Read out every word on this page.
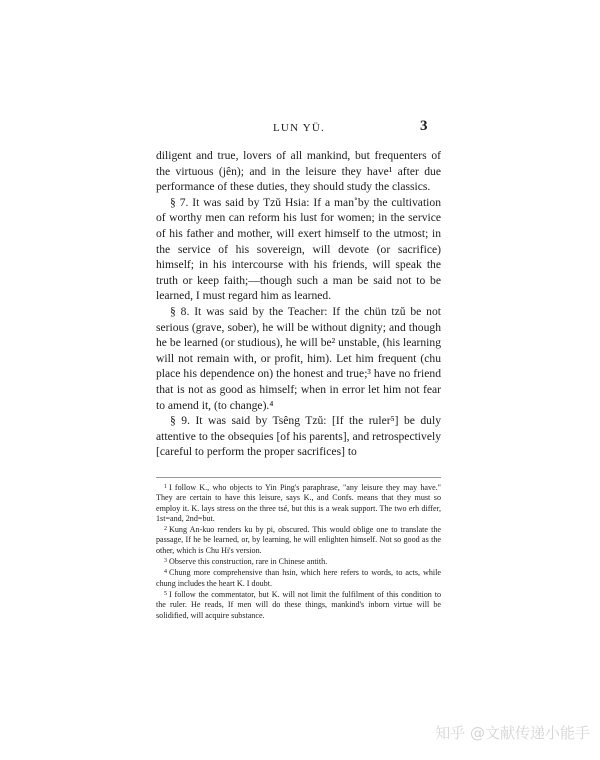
LUN YÜ.	3

diligent and true, lovers of all mankind, but frequenters of the virtuous (jên); and in the leisure they have¹ after due performance of these duties, they should study the classics.

§ 7. It was said by Tzŭ Hsia: If a man˚by the cultivation of worthy men can reform his lust for women; in the service of his father and mother, will exert himself to the utmost; in the service of his sovereign, will devote (or sacrifice) himself; in his intercourse with his friends, will speak the truth or keep faith;—though such a man be said not to be learned, I must regard him as learned.

§ 8. It was said by the Teacher: If the chün tzŭ be not serious (grave, sober), he will be without dignity; and though he be learned (or studious), he will be² unstable, (his learning will not remain with, or profit, him). Let him frequent (chu place his dependence on) the honest and true;³ have no friend that is not as good as himself; when in error let him not fear to amend it, (to change).⁴

§ 9. It was said by Tsêng Tzŭ: [If the ruler⁵] be duly attentive to the obsequies [of his parents], and retrospectively [careful to perform the proper sacrifices] to

$^1$ I follow K., who objects to Yin Ping's paraphrase, "any leisure they may have." They are certain to have this leisure, says K., and Confs. means that they must so employ it. K. lays stress on the three tsé, but this is a weak support. The two erh differ, 1st=and, 2nd=but.

$^2$ Kung An-kuo renders ku by pi, obscured. This would oblige one to translate the passage, If he be learned, or, by learning, he will enlighten himself. Not so good as the other, which is Chu Hi's version.

$^3$ Observe this construction, rare in Chinese antith.

$^4$ Chung more comprehensive than hsin, which here refers to words, to acts, while chung includes the heart K. I doubt.

$^5$ I follow the commentator, but K. will not limit the fulfilment of this condition to the ruler. He reads, If men will do these things, mankind's inborn virtue will be solidified, will acquire substance.

知乎 @文献传递小能手
